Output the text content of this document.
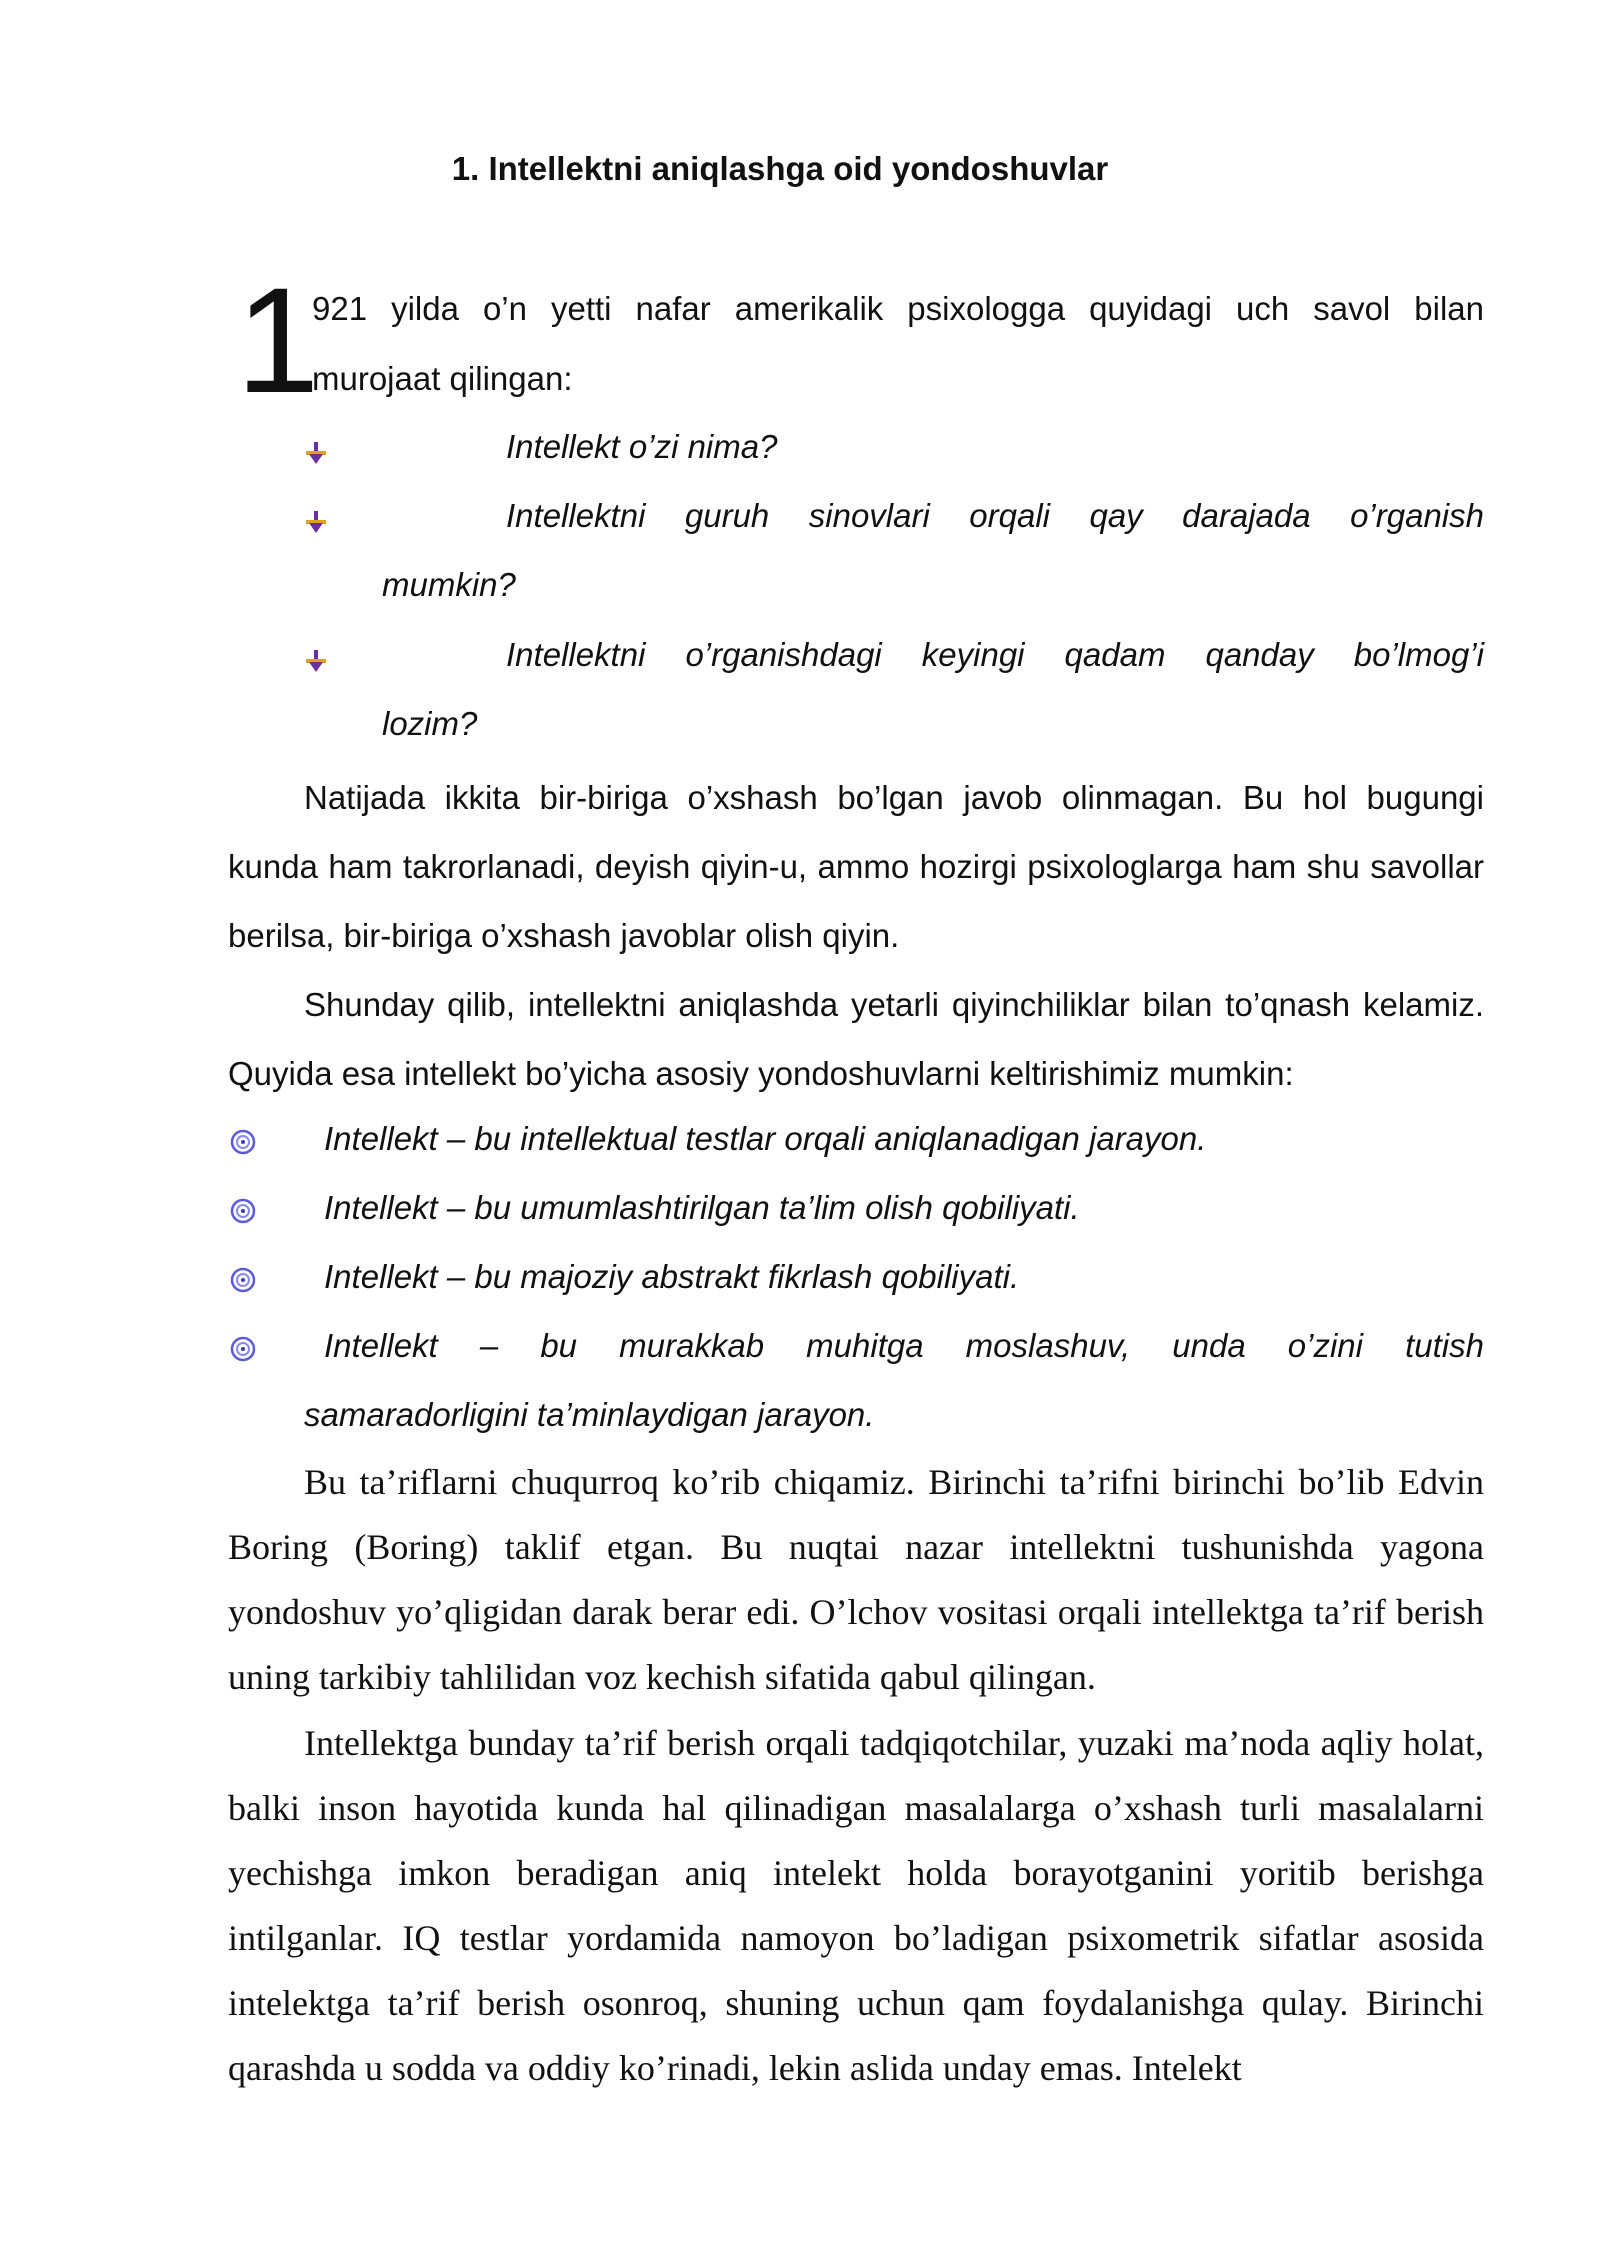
1. Intellektni aniqlashga oid yondoshuvlar
1
921 yilda o’n yetti nafar amerikalik psixologga quyidagi uch savol bilan
murojaat qilingan:
Intellekt o’zi nima?
Intellektni guruh sinovlari orqali qay darajada o’rganish
mumkin?
Intellektni o’rganishdagi keyingi qadam qanday bo’lmog’i
lozim?
Natijada ikkita bir-biriga o’xshash bo’lgan javob olinmagan. Bu hol bugungi kunda ham takrorlanadi, deyish qiyin-u, ammo hozirgi psixologlarga ham shu savollar berilsa, bir-biriga o’xshash javoblar olish qiyin.
Shunday qilib, intellektni aniqlashda yetarli qiyinchiliklar bilan to’qnash kelamiz. Quyida esa intellekt bo’yicha asosiy yondoshuvlarni keltirishimiz mumkin:
Intellekt – bu intellektual testlar orqali aniqlanadigan jarayon.
Intellekt – bu umumlashtirilgan ta’lim olish qobiliyati.
Intellekt – bu majoziy abstrakt fikrlash qobiliyati.
Intellekt – bu murakkab muhitga moslashuv, unda o’zini tutish
samaradorligini ta’minlaydigan jarayon.
Bu ta’riflarni chuqurroq ko’rib chiqamiz. Birinchi ta’rifni birinchi bo’lib Edvin Boring (Boring) taklif etgan. Bu nuqtai nazar intellektni tushunishda yagona yondoshuv yo’qligidan darak berar edi. O’lchov vositasi orqali intellektga ta’rif berish uning tarkibiy tahlilidan voz kechish sifatida qabul qilingan.
Intellektga bunday ta’rif berish orqali tadqiqotchilar, yuzaki ma’noda aqliy holat, balki inson hayotida kunda hal qilinadigan masalalarga o’xshash turli masalalarni yechishga imkon beradigan aniq intelekt holda borayotganini yoritib berishga intilganlar. IQ testlar yordamida namoyon bo’ladigan psixometrik sifatlar asosida intelektga ta’rif berish osonroq, shuning uchun qam foydalanishga qulay. Birinchi qarashda u sodda va oddiy ko’rinadi, lekin aslida unday emas. Intelekt
